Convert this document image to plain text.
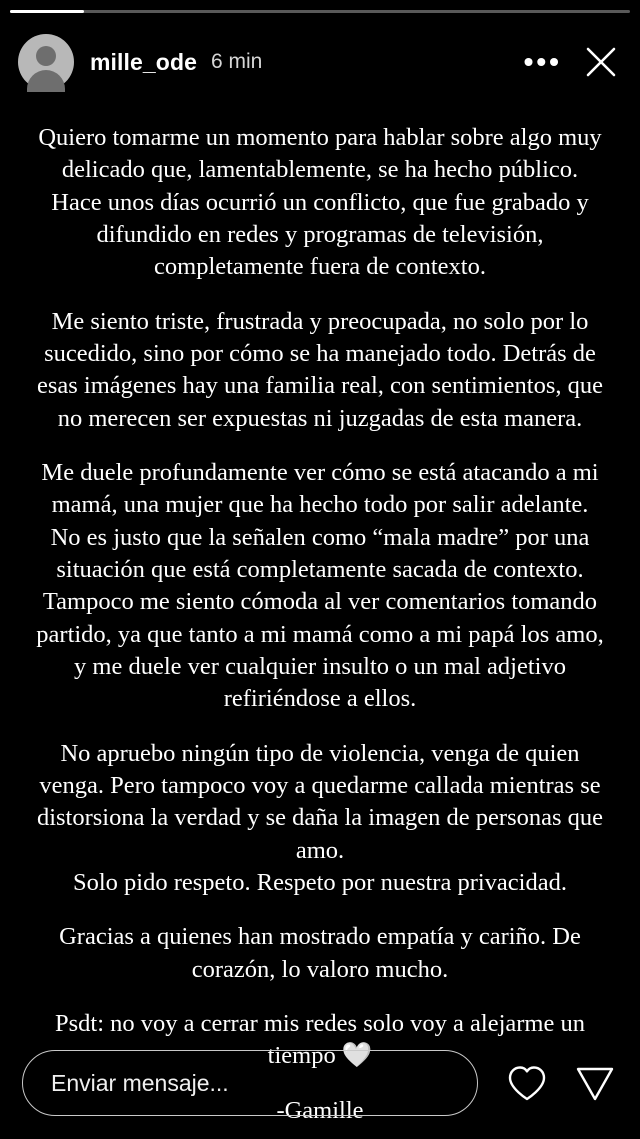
mille_ode 6 min	•••

Quiero tomarme un momento para hablar sobre algo muy delicado que, lamentablemente, se ha hecho público. Hace unos días ocurrió un conflicto, que fue grabado y difundido en redes y programas de televisión, completamente fuera de contexto.

Me siento triste, frustrada y preocupada, no solo por lo sucedido, sino por cómo se ha manejado todo. Detrás de esas imágenes hay una familia real, con sentimientos, que no merecen ser expuestas ni juzgadas de esta manera.

Me duele profundamente ver cómo se está atacando a mi mamá, una mujer que ha hecho todo por salir adelante. No es justo que la señalen como “mala madre” por una situación que está completamente sacada de contexto. Tampoco me siento cómoda al ver comentarios tomando partido, ya que tanto a mi mamá como a mi papá los amo, y me duele ver cualquier insulto o un mal adjetivo refiriéndose a ellos.

No apruebo ningún tipo de violencia, venga de quien venga. Pero tampoco voy a quedarme callada mientras se distorsiona la verdad y se daña la imagen de personas que amo.

Solo pido respeto. Respeto por nuestra privacidad.

Gracias a quienes han mostrado empatía y cariño. De corazón, lo valoro mucho.

Psdt: no voy a cerrar mis redes solo voy a alejarme un tiempo 🤍

-Gamille

Enviar mensaje...
